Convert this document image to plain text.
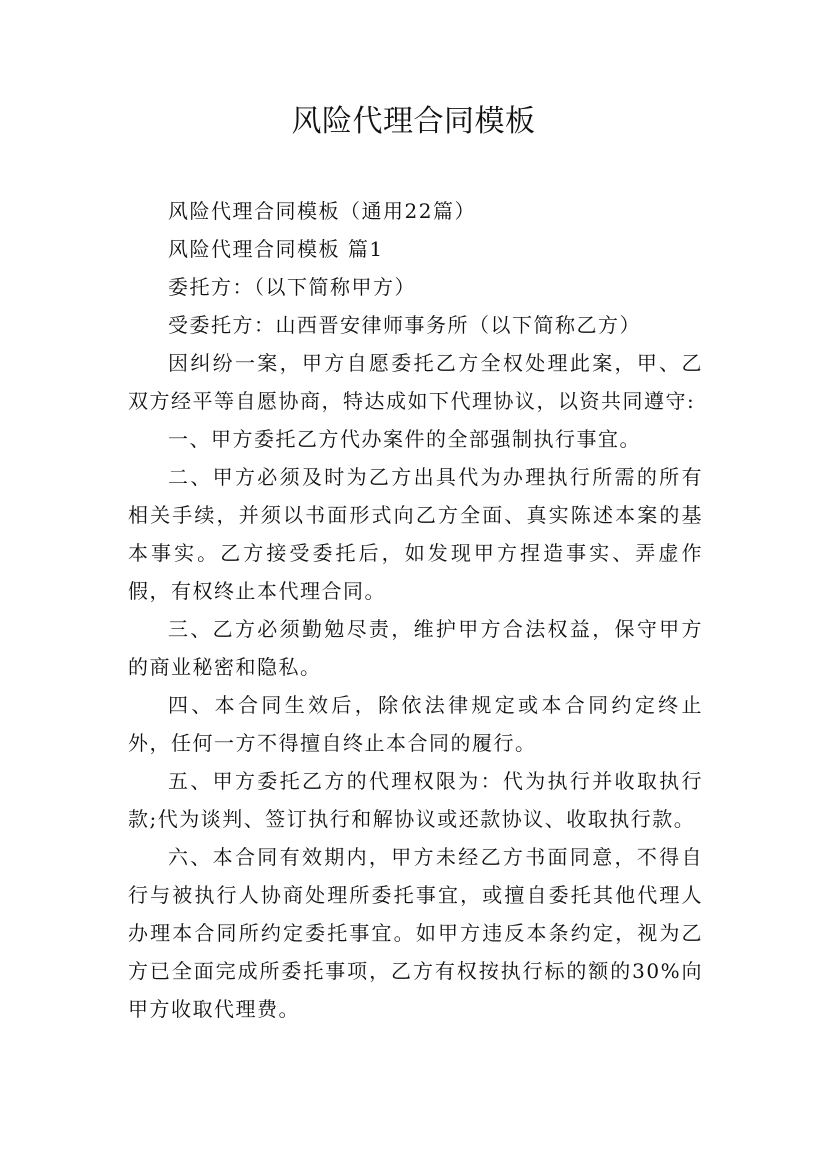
风险代理合同模板

风险代理合同模板（通用22篇）

风险代理合同模板 篇1

委托方：（以下简称甲方）

受委托方：山西晋安律师事务所（以下简称乙方）

因纠纷一案，甲方自愿委托乙方全权处理此案，甲、乙双方经平等自愿协商，特达成如下代理协议，以资共同遵守:

一、甲方委托乙方代办案件的全部强制执行事宜。

二、甲方必须及时为乙方出具代为办理执行所需的所有相关手续，并须以书面形式向乙方全面、真实陈述本案的基本事实。乙方接受委托后，如发现甲方捏造事实、弄虚作假，有权终止本代理合同。

三、乙方必须勤勉尽责，维护甲方合法权益，保守甲方的商业秘密和隐私。

四、本合同生效后，除依法律规定或本合同约定终止外，任何一方不得擅自终止本合同的履行。

五、甲方委托乙方的代理权限为：代为执行并收取执行款;代为谈判、签订执行和解协议或还款协议、收取执行款。

六、本合同有效期内，甲方未经乙方书面同意，不得自行与被执行人协商处理所委托事宜，或擅自委托其他代理人办理本合同所约定委托事宜。如甲方违反本条约定，视为乙方已全面完成所委托事项，乙方有权按执行标的额的30%向甲方收取代理费。
